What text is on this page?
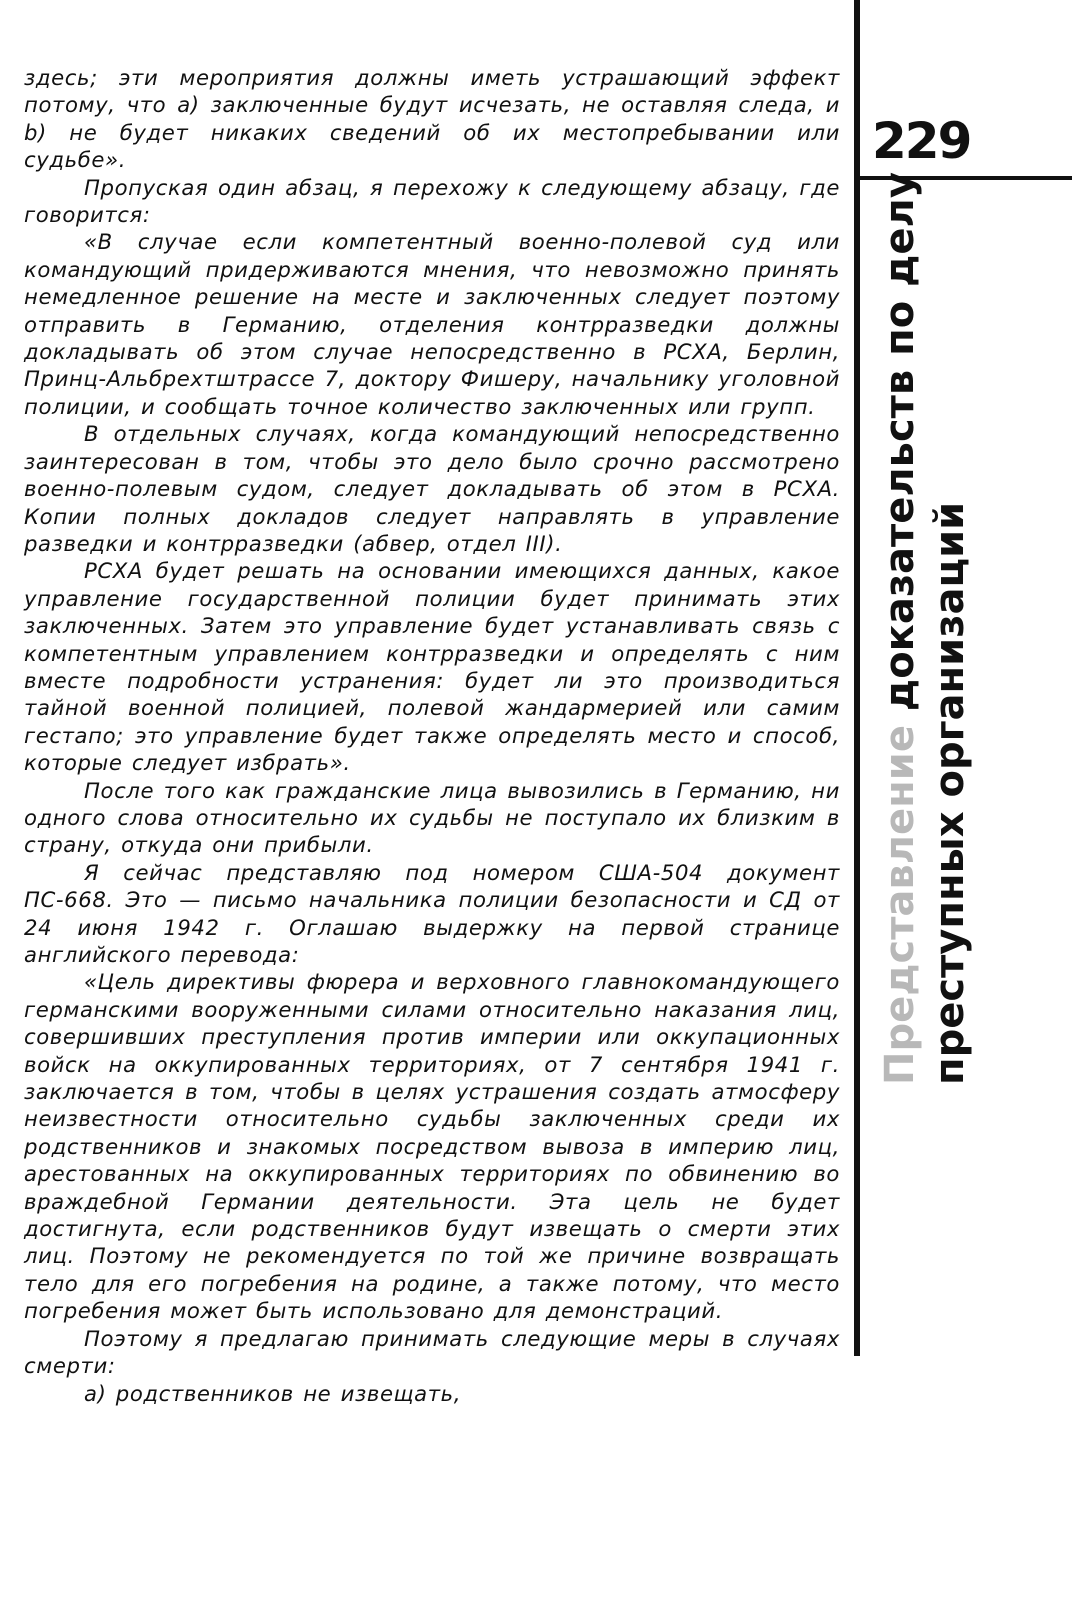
здесь; эти мероприятия должны иметь устрашающий эффект потому, что а) заключенные будут исчезать, не оставляя следа, и b) не будет никаких сведений об их местопребывании или судьбе».

Пропуская один абзац, я перехожу к следующему абзацу, где говорится:

«В случае если компетентный военно-полевой суд или командующий придерживаются мнения, что невозможно принять немедленное решение на месте и заключенных следует поэтому отправить в Германию, отделения контрразведки должны докладывать об этом случае непосредственно в РСХА, Берлин, Принц-Альбрехтштрассе 7, доктору Фишеру, начальнику уголовной полиции, и сообщать точное количество заключенных или групп.

В отдельных случаях, когда командующий непосредственно заинтересован в том, чтобы это дело было срочно рассмотрено военно-полевым судом, следует докладывать об этом в РСХА. Копии полных докладов следует направлять в управление разведки и контрразведки (абвер, отдел III).

РСХА будет решать на основании имеющихся данных, какое управление государственной полиции будет принимать этих заключенных. Затем это управление будет устанавливать связь с компетентным управлением контрразведки и определять с ним вместе подробности устранения: будет ли это производиться тайной военной полицией, полевой жандармерией или самим гестапо; это управление будет также определять место и способ, которые следует избрать».

После того как гражданские лица вывозились в Германию, ни одного слова относительно их судьбы не поступало их близким в страну, откуда они прибыли.

Я сейчас представляю под номером США-504 документ ПС-668. Это — письмо начальника полиции безопасности и СД от 24 июня 1942 г. Оглашаю выдержку на первой странице английского перевода:

«Цель директивы фюрера и верховного главнокомандующего германскими вооруженными силами относительно наказания лиц, совершивших преступления против империи или оккупационных войск на оккупированных территориях, от 7 сентября 1941 г. заключается в том, чтобы в целях устрашения создать атмосферу неизвестности относительно судьбы заключенных среди их родственников и знакомых посредством вывоза в империю лиц, арестованных на оккупированных территориях по обвинению во враждебной Германии деятельности. Эта цель не будет достигнута, если родственников будут извещать о смерти этих лиц. Поэтому не рекомендуется по той же причине возвращать тело для его погребения на родине, а также потому, что место погребения может быть использовано для демонстраций.

Поэтому я предлагаю принимать следующие меры в случаях смерти:

а) родственников не извещать,

229
Представление доказательств по делу
преступных организаций
